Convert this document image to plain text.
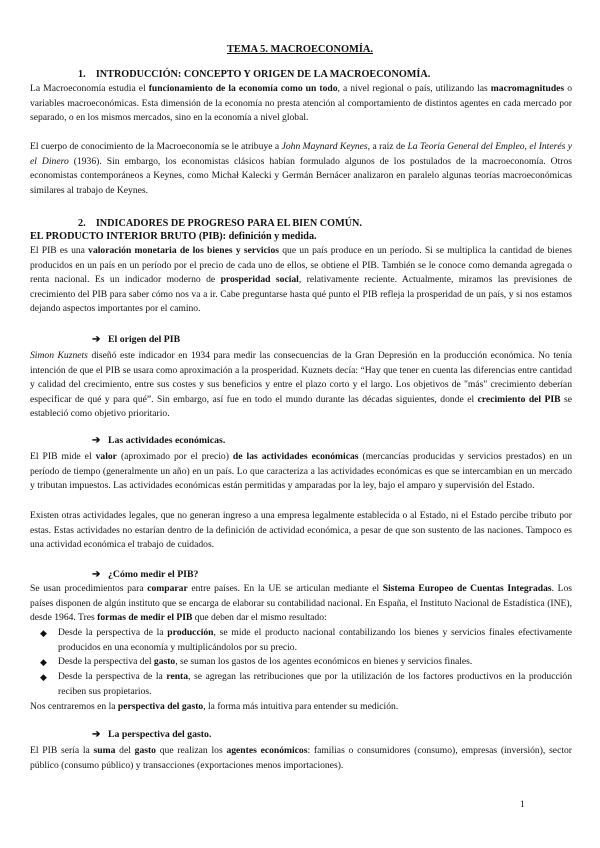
TEMA 5. MACROECONOMÍA.

1. INTRODUCCIÓN: CONCEPTO Y ORIGEN DE LA MACROECONOMÍA.

La Macroeconomía estudia el funcionamiento de la economía como un todo, a nivel regional o país, utilizando las macromagnitudes o variables macroeconómicas. Esta dimensión de la economía no presta atención al comportamiento de distintos agentes en cada mercado por separado, o en los mismos mercados, sino en la economía a nivel global.

El cuerpo de conocimiento de la Macroeconomía se le atribuye a John Maynard Keynes, a raíz de La Teoría General del Empleo, el Interés y el Dinero (1936). Sin embargo, los economistas clásicos habían formulado algunos de los postulados de la macroeconomía. Otros economistas contemporáneos a Keynes, como Michał Kalecki y Germán Bernácer analizaron en paralelo algunas teorías macroeconómicas similares al trabajo de Keynes.

2. INDICADORES DE PROGRESO PARA EL BIEN COMÚN.

EL PRODUCTO INTERIOR BRUTO (PIB): definición y medida.

El PIB es una valoración monetaria de los bienes y servicios que un país produce en un período. Si se multiplica la cantidad de bienes producidos en un país en un período por el precio de cada uno de ellos, se obtiene el PIB. También se le conoce como demanda agregada o renta nacional. Es un indicador moderno de prosperidad social, relativamente reciente. Actualmente, miramos las previsiones de crecimiento del PIB para saber cómo nos va a ir. Cabe preguntarse hasta qué punto el PIB refleja la prosperidad de un país, y si nos estamos dejando aspectos importantes por el camino.

➔ El origen del PIB

Simon Kuznets diseñó este indicador en 1934 para medir las consecuencias de la Gran Depresión en la producción económica. No tenía intención de que el PIB se usara como aproximación a la prosperidad. Kuznets decía: “Hay que tener en cuenta las diferencias entre cantidad y calidad del crecimiento, entre sus costes y sus beneficios y entre el plazo corto y el largo. Los objetivos de "más" crecimiento deberían especificar de qué y para qué”. Sin embargo, así fue en todo el mundo durante las décadas siguientes, donde el crecimiento del PIB se estableció como objetivo prioritario.

➔ Las actividades económicas.

El PIB mide el valor (aproximado por el precio) de las actividades económicas (mercancías producidas y servicios prestados) en un período de tiempo (generalmente un año) en un país. Lo que caracteriza a las actividades económicas es que se intercambian en un mercado y tributan impuestos. Las actividades económicas están permitidas y amparadas por la ley, bajo el amparo y supervisión del Estado.

Existen otras actividades legales, que no generan ingreso a una empresa legalmente establecida o al Estado, ni el Estado percibe tributo por estas. Estas actividades no estarían dentro de la definición de actividad económica, a pesar de que son sustento de las naciones. Tampoco es una actividad económica el trabajo de cuidados.

➔ ¿Cómo medir el PIB?

Se usan procedimientos para comparar entre países. En la UE se articulan mediante el Sistema Europeo de Cuentas Integradas. Los países disponen de algún instituto que se encarga de elaborar su contabilidad nacional. En España, el Instituto Nacional de Estadística (INE), desde 1964. Tres formas de medir el PIB que deben dar el mismo resultado:

◆ Desde la perspectiva de la producción, se mide el producto nacional contabilizando los bienes y servicios finales efectivamente producidos en una economía y multiplicándolos por su precio.

◆ Desde la perspectiva del gasto, se suman los gastos de los agentes económicos en bienes y servicios finales.

◆ Desde la perspectiva de la renta, se agregan las retribuciones que por la utilización de los factores productivos en la producción reciben sus propietarios.

Nos centraremos en la perspectiva del gasto, la forma más intuitiva para entender su medición.

➔ La perspectiva del gasto.

El PIB sería la suma del gasto que realizan los agentes económicos: familias o consumidores (consumo), empresas (inversión), sector público (consumo público) y transacciones (exportaciones menos importaciones).

1
